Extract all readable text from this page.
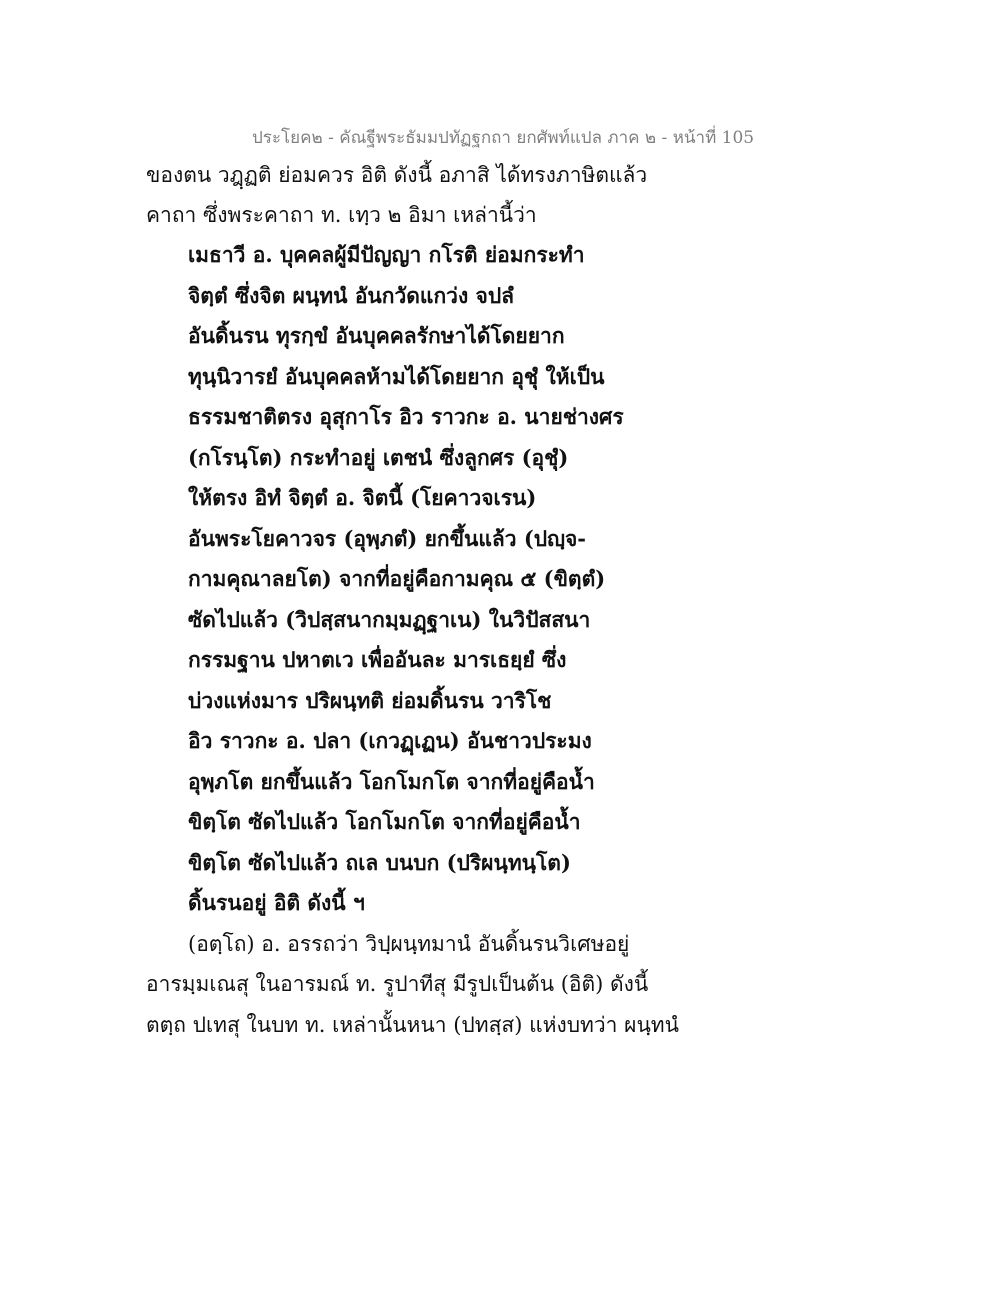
ประโยค๒ - คัณฐีพระธัมมปทัฏฐกถา ยกศัพท์แปล ภาค ๒ - หน้าที่ 105
ของตน วฎฺฏติ ย่อมควร อิติ ดังนี้ อภาสิ ได้ทรงภาษิตแล้ว
คาถา ซึ่งพระคาถา ท. เทฺว ๒ อิมา เหล่านี้ว่า
เมธาวี อ. บุคคลผู้มีปัญญา กโรติ ย่อมกระทำ
จิตฺตํ ซึ่งจิต ผนฺทนํ อันกวัดแกว่ง จปลํ
อันดิ้นรน ทุรกฺขํ อันบุคคลรักษาได้โดยยาก
ทุนฺนิวารยํ อันบุคคลห้ามได้โดยยาก อุชุํ ให้เป็น
ธรรมชาติตรง อุสุกาโร อิว ราวกะ อ. นายช่างศร
(กโรนฺโต) กระทำอยู่ เตชนํ ซึ่งลูกศร (อุชุํ)
ให้ตรง อิทํ จิตฺตํ อ. จิตนี้ (โยคาวจเรน)
อันพระโยคาวจร (อุพฺภตํ) ยกขึ้นแล้ว (ปญฺจ-
กามคุณาลยโต) จากที่อยู่คือกามคุณ ๕ (ขิตฺตํ)
ซัดไปแล้ว (วิปสฺสนากมฺมฏฺฐาเน) ในวิปัสสนา
กรรมฐาน ปหาตเว เพื่ออันละ มารเธยฺยํ ซึ่ง
บ่วงแห่งมาร ปริผนฺทติ ย่อมดิ้นรน วาริโช
อิว ราวกะ อ. ปลา (เกวฏฺเฏน) อันชาวประมง
อุพฺภโต ยกขึ้นแล้ว โอกโมกโต จากที่อยู่คือน้ำ
ขิตฺโต ซัดไปแล้ว โอกโมกโต จากที่อยู่คือน้ำ
ขิตฺโต ซัดไปแล้ว ถเล บนบก (ปริผนฺทนฺโต)
ดิ้นรนอยู่ อิติ ดังนี้ ฯ
(อตฺโถ) อ. อรรถว่า วิปฺผนฺทมานํ อันดิ้นรนวิเศษอยู่
อารมฺมเณสุ ในอารมณ์ ท. รูปาทีสุ มีรูปเป็นต้น (อิติ) ดังนี้
ตตฺถ ปเทสุ ในบท ท. เหล่านั้นหนา (ปทสฺส) แห่งบทว่า ผนฺทนํ
